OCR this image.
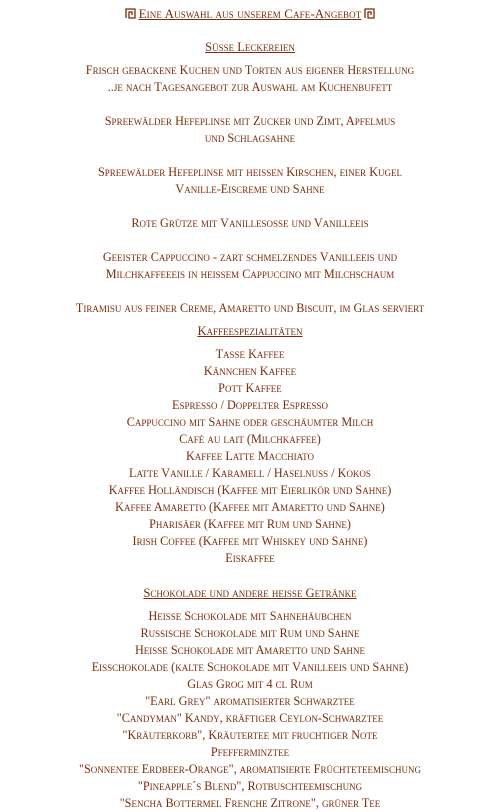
Eine Auswahl aus unserem Cafe-Angebot
Süsse Leckereien
Frisch gebackene Kuchen und Torten aus eigener Herstellung
..je nach Tagesangebot zur Auswahl am Kuchenbufett
Spreewälder Hefeplinse mit Zucker und Zimt, Apfelmus
und Schlagsahne
Spreewälder Hefeplinse mit heissen Kirschen, einer Kugel
Vanille-Eiscreme und Sahne
Rote Grütze mit Vanillesosse und Vanilleeis
Geeister Cappuccino - zart schmelzendes Vanilleeis und
Milchkaffeeeis in heissem Cappuccino mit Milchschaum
Tiramisu aus feiner Creme, Amaretto und Biscuit, im Glas serviert
Kaffeespezialitäten
Tasse Kaffee
Kännchen Kaffee
Pott Kaffee
Espresso / Doppelter Espresso
Cappuccino mit Sahne oder geschäumter Milch
Café au lait (Milchkaffee)
Kaffee Latte Macchiato
Latte Vanille / Karamell / Haselnuss / Kokos
Kaffee Holländisch (Kaffee mit Eierlikör und Sahne)
Kaffee Amaretto (Kaffee mit Amaretto und Sahne)
Pharisäer (Kaffee mit Rum und Sahne)
Irish Coffee (Kaffee mit Whiskey und Sahne)
Eiskaffee
Schokolade und andere heisse Getränke
Heisse Schokolade mit Sahnehäubchen
Russische Schokolade mit Rum und Sahne
Heisse Schokolade mit Amaretto und Sahne
Eisschokolade (kalte Schokolade mit Vanilleeis und Sahne)
Glas Grog mit 4 cl Rum
"Earl Grey" aromatisierter Schwarztee
"Candyman" Kandy, kräftiger Ceylon-Schwarztee
"Kräuterkorb", Kräutertee mit fruchtiger Note
Pfefferminztee
"Sonnentee Erdbeer-Orange", aromatisierte Früchteteemischung
"Pineapple´s Blend", Rotbuschteemischung
"Sencha Bottermel Frenche Zitrone", grüner Tee
